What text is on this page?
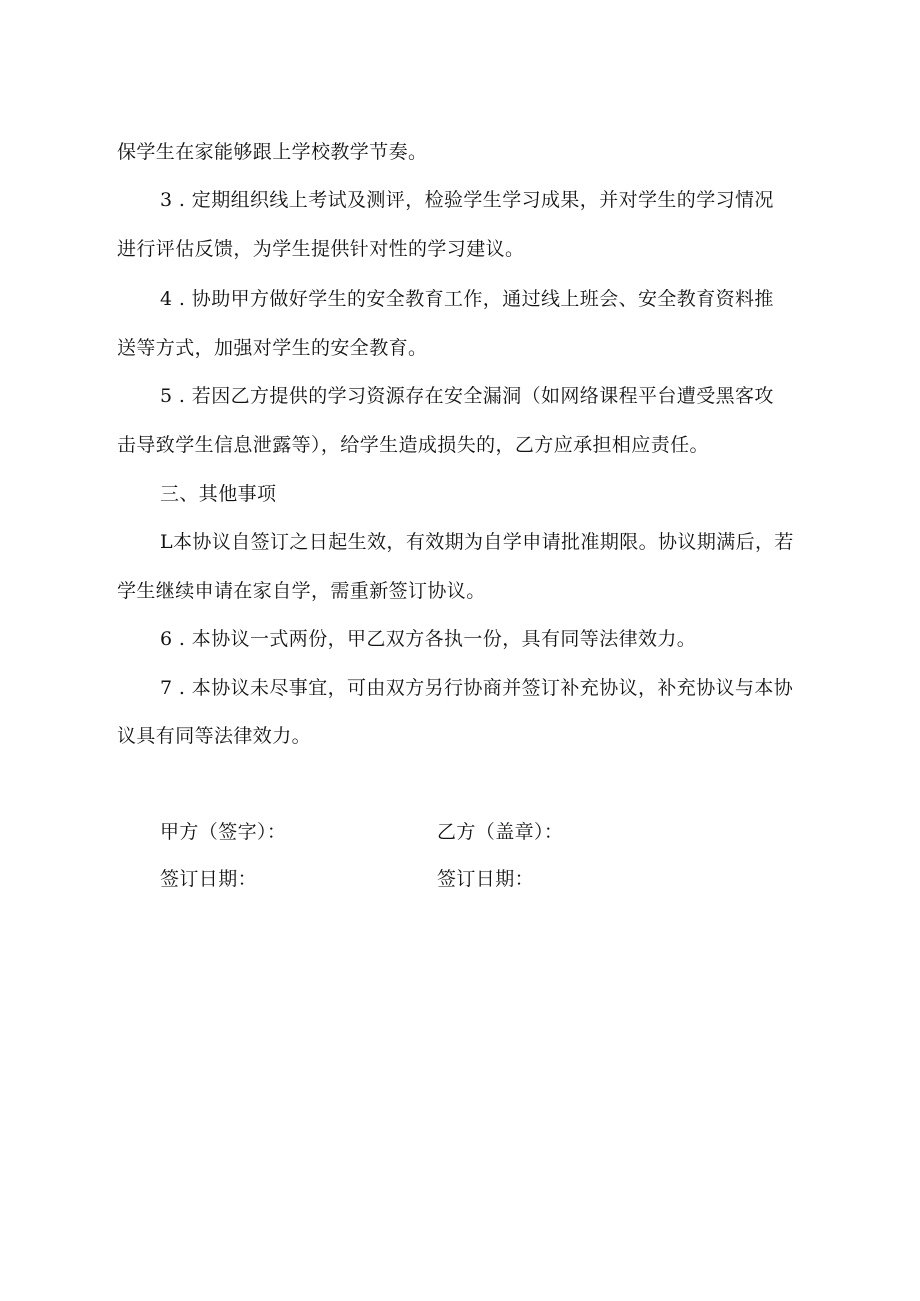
保学生在家能够跟上学校教学节奏。
3 . 定期组织线上考试及测评，检验学生学习成果，并对学生的学习情况
进行评估反馈，为学生提供针对性的学习建议。
4 . 协助甲方做好学生的安全教育工作，通过线上班会、安全教育资料推
送等方式，加强对学生的安全教育。
5 . 若因乙方提供的学习资源存在安全漏洞（如网络课程平台遭受黑客攻
击导致学生信息泄露等），给学生造成损失的，乙方应承担相应责任。
三、其他事项
L本协议自签订之日起生效，有效期为自学申请批准期限。协议期满后，若
学生继续申请在家自学，需重新签订协议。
6 . 本协议一式两份，甲乙双方各执一份，具有同等法律效力。
7 . 本协议未尽事宜，可由双方另行协商并签订补充协议，补充协议与本协
议具有同等法律效力。
甲方（签字）：	乙方（盖章）：
签订日期：	签订日期：
